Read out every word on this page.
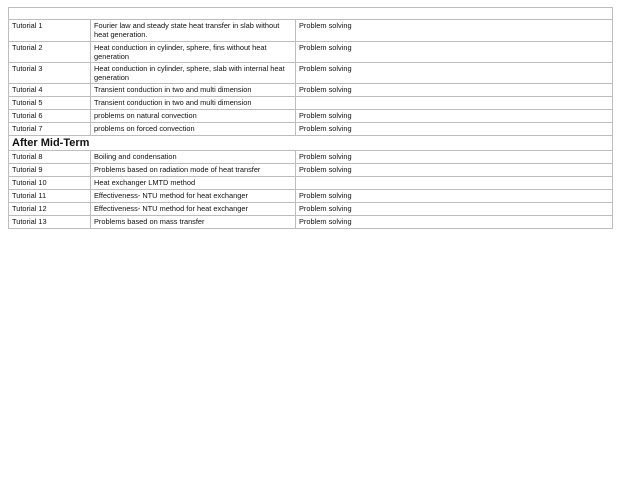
Tutorial 1	Fourier law and steady state heat transfer in slab without heat generation.	Problem solving
Tutorial 2	Heat conduction in cylinder, sphere, fins without heat generation	Problem solving
Tutorial 3	Heat conduction in cylinder, sphere, slab with internal heat generation	Problem solving
Tutorial 4	Transient conduction in two and multi dimension	Problem solving
Tutorial 5	Transient conduction in two and multi dimension	
Tutorial 6	problems on natural convection	Problem solving
Tutorial 7	problems on forced convection	Problem solving
After Mid-Term		
Tutorial 8	Boiling and condensation	Problem solving
Tutorial 9	Problems based on radiation mode of heat transfer	Problem solving
Tutorial 10	Heat exchanger LMTD method	
Tutorial 11	Effectiveness- NTU method for heat exchanger	Problem solving
Tutorial 12	Effectiveness- NTU method for heat exchanger	Problem solving
Tutorial 13	Problems based on mass transfer	Problem solving
